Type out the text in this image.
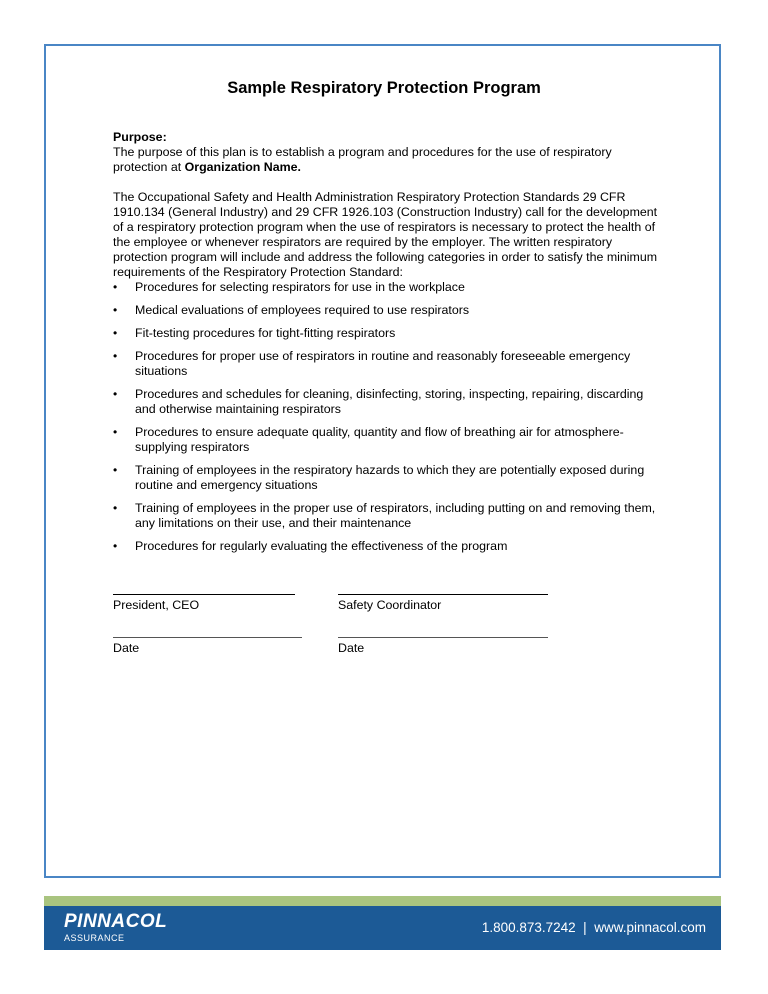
Sample Respiratory Protection Program

Purpose:

The purpose of this plan is to establish a program and procedures for the use of respiratory protection at Organization Name.

The Occupational Safety and Health Administration Respiratory Protection Standards 29 CFR 1910.134 (General Industry) and 29 CFR 1926.103 (Construction Industry) call for the development of a respiratory protection program when the use of respirators is necessary to protect the health of the employee or whenever respirators are required by the employer. The written respiratory protection program will include and address the following categories in order to satisfy the minimum requirements of the Respiratory Protection Standard:

• Procedures for selecting respirators for use in the workplace
• Medical evaluations of employees required to use respirators
• Fit-testing procedures for tight-fitting respirators
• Procedures for proper use of respirators in routine and reasonably foreseeable emergency situations
• Procedures and schedules for cleaning, disinfecting, storing, inspecting, repairing, discarding and otherwise maintaining respirators
• Procedures to ensure adequate quality, quantity and flow of breathing air for atmosphere-supplying respirators
• Training of employees in the respiratory hazards to which they are potentially exposed during routine and emergency situations
• Training of employees in the proper use of respirators, including putting on and removing them, any limitations on their use, and their maintenance
• Procedures for regularly evaluating the effectiveness of the program
President, CEO	Safety Coordinator
Date	Date
PINNACOL
ASSURANCE
1.800.873.7242  |  www.pinnacol.com
